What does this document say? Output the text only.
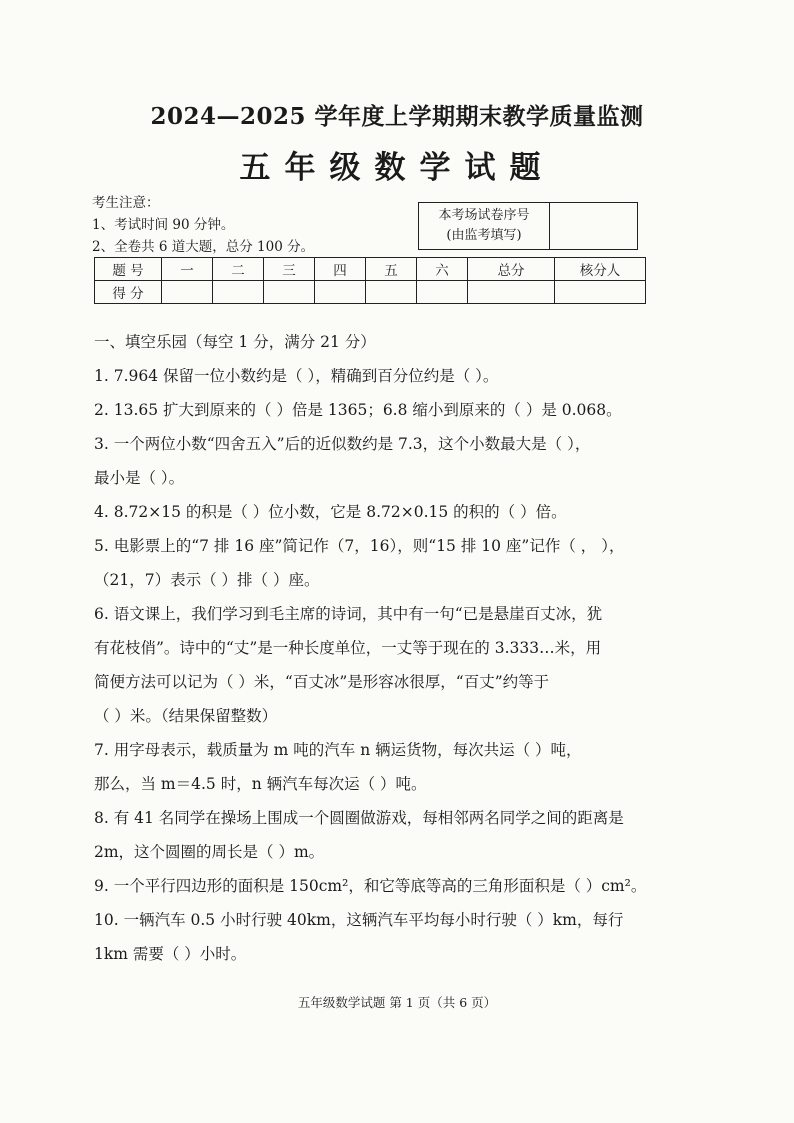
2024—2025 学年度上学期期末教学质量监测
五年级数学试题
考生注意：
1、考试时间 90 分钟。
2、全卷共 6 道大题，总分 100 分。
本考场试卷序号
(由监考填写)
题 号	一	二	三	四	五	六	总分	核分人
得 分								
一、填空乐园（每空 1 分，满分 21 分）
1. 7.964 保留一位小数约是（ ），精确到百分位约是（ ）。
2. 13.65 扩大到原来的（ ）倍是 1365；6.8 缩小到原来的（ ）是 0.068。
3. 一个两位小数“四舍五入”后的近似数约是 7.3，这个小数最大是（ ），
最小是（ ）。
4. 8.72×15 的积是（ ）位小数，它是 8.72×0.15 的积的（ ）倍。
5. 电影票上的“7 排 16 座”简记作（7，16），则“15 排 10 座”记作（ ， ），
（21，7）表示（ ）排（ ）座。
6. 语文课上，我们学习到毛主席的诗词，其中有一句“已是悬崖百丈冰，犹
有花枝俏”。诗中的“丈”是一种长度单位，一丈等于现在的 3.333…米，用
简便方法可以记为（ ）米，“百丈冰”是形容冰很厚，“百丈”约等于
（ ）米。（结果保留整数）
7. 用字母表示，载质量为 m 吨的汽车 n 辆运货物，每次共运（ ）吨，
那么，当 m＝4.5 时，n 辆汽车每次运（ ）吨。
8. 有 41 名同学在操场上围成一个圆圈做游戏，每相邻两名同学之间的距离是
2m，这个圆圈的周长是（ ）m。
9. 一个平行四边形的面积是 150cm²，和它等底等高的三角形面积是（ ）cm²。
10. 一辆汽车 0.5 小时行驶 40km，这辆汽车平均每小时行驶（ ）km，每行
1km 需要（ ）小时。
五年级数学试题 第 1 页（共 6 页）
